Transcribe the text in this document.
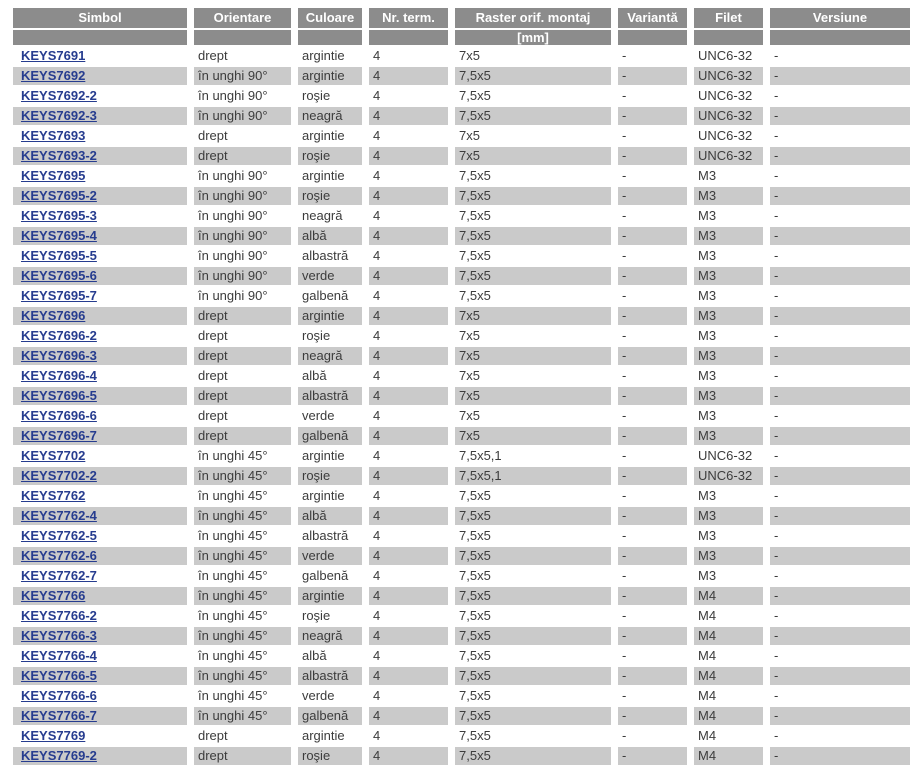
Simbol	Orientare	Culoare	Nr. term.	Raster orif. montaj	Variantă	Filet	Versiune
				[mm]			
KEYS7691	drept	argintie	4	7x5	-	UNC6-32	-
KEYS7692	în unghi 90°	argintie	4	7,5x5	-	UNC6-32	-
KEYS7692-2	în unghi 90°	roşie	4	7,5x5	-	UNC6-32	-
KEYS7692-3	în unghi 90°	neagră	4	7,5x5	-	UNC6-32	-
KEYS7693	drept	argintie	4	7x5	-	UNC6-32	-
KEYS7693-2	drept	roşie	4	7x5	-	UNC6-32	-
KEYS7695	în unghi 90°	argintie	4	7,5x5	-	M3	-
KEYS7695-2	în unghi 90°	roşie	4	7,5x5	-	M3	-
KEYS7695-3	în unghi 90°	neagră	4	7,5x5	-	M3	-
KEYS7695-4	în unghi 90°	albă	4	7,5x5	-	M3	-
KEYS7695-5	în unghi 90°	albastră	4	7,5x5	-	M3	-
KEYS7695-6	în unghi 90°	verde	4	7,5x5	-	M3	-
KEYS7695-7	în unghi 90°	galbenă	4	7,5x5	-	M3	-
KEYS7696	drept	argintie	4	7x5	-	M3	-
KEYS7696-2	drept	roşie	4	7x5	-	M3	-
KEYS7696-3	drept	neagră	4	7x5	-	M3	-
KEYS7696-4	drept	albă	4	7x5	-	M3	-
KEYS7696-5	drept	albastră	4	7x5	-	M3	-
KEYS7696-6	drept	verde	4	7x5	-	M3	-
KEYS7696-7	drept	galbenă	4	7x5	-	M3	-
KEYS7702	în unghi 45°	argintie	4	7,5x5,1	-	UNC6-32	-
KEYS7702-2	în unghi 45°	roşie	4	7,5x5,1	-	UNC6-32	-
KEYS7762	în unghi 45°	argintie	4	7,5x5	-	M3	-
KEYS7762-4	în unghi 45°	albă	4	7,5x5	-	M3	-
KEYS7762-5	în unghi 45°	albastră	4	7,5x5	-	M3	-
KEYS7762-6	în unghi 45°	verde	4	7,5x5	-	M3	-
KEYS7762-7	în unghi 45°	galbenă	4	7,5x5	-	M3	-
KEYS7766	în unghi 45°	argintie	4	7,5x5	-	M4	-
KEYS7766-2	în unghi 45°	roşie	4	7,5x5	-	M4	-
KEYS7766-3	în unghi 45°	neagră	4	7,5x5	-	M4	-
KEYS7766-4	în unghi 45°	albă	4	7,5x5	-	M4	-
KEYS7766-5	în unghi 45°	albastră	4	7,5x5	-	M4	-
KEYS7766-6	în unghi 45°	verde	4	7,5x5	-	M4	-
KEYS7766-7	în unghi 45°	galbenă	4	7,5x5	-	M4	-
KEYS7769	drept	argintie	4	7,5x5	-	M4	-
KEYS7769-2	drept	roşie	4	7,5x5	-	M4	-
